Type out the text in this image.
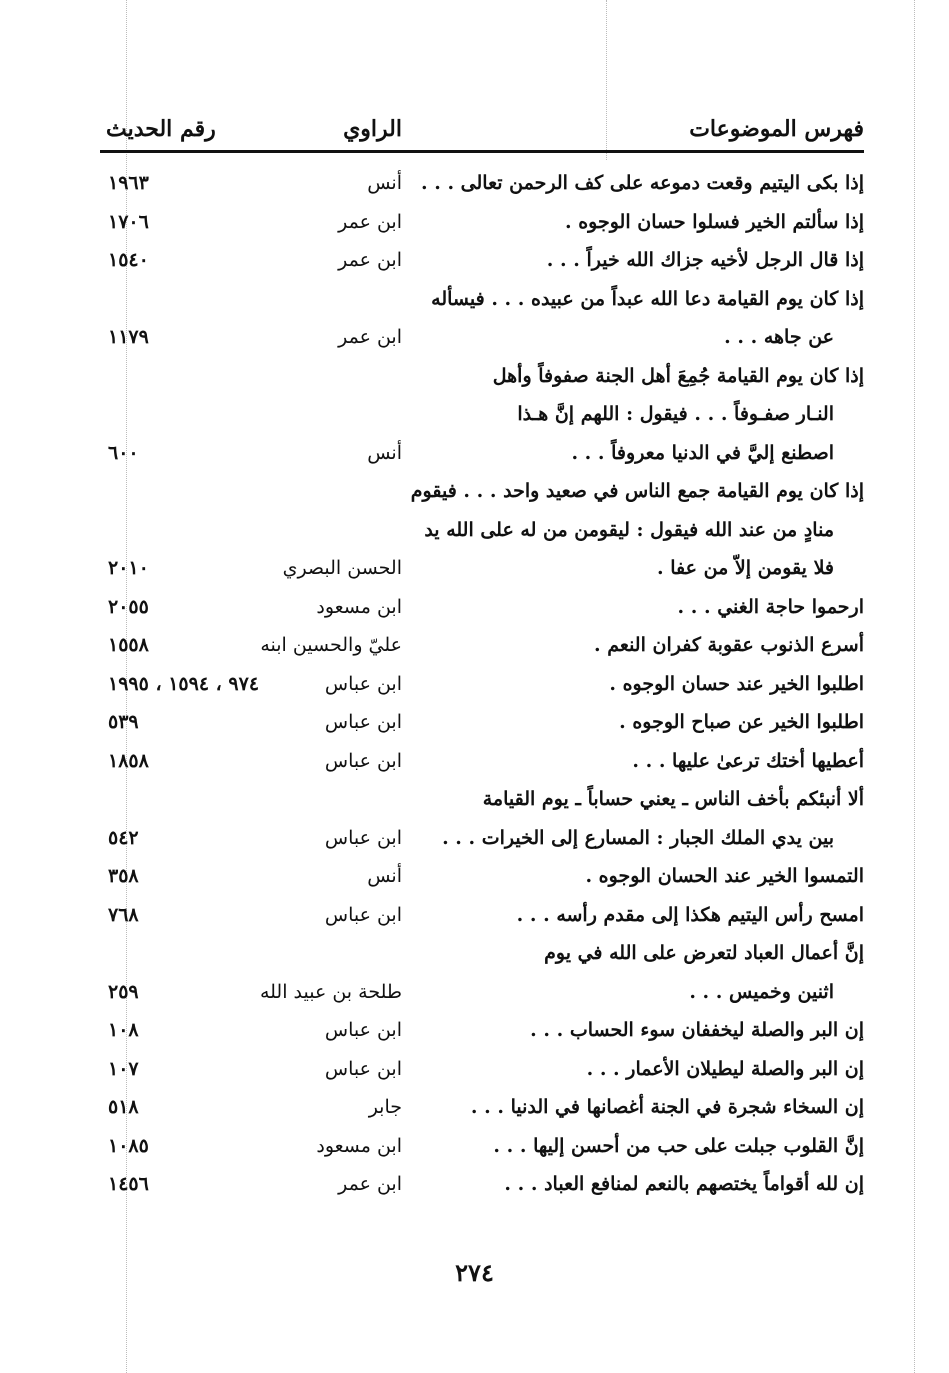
فهرس الموضوعات
الراوي
رقم الحديث
إذا بكى اليتيم وقعت دموعه على كف الرحمن تعالى . . .
أنس
١٩٦٣
إذا سألتم الخير فسلوا حسان الوجوه .
ابن عمر
١٧٠٦
إذا قال الرجل لأخيه جزاك الله خيراً . . .
ابن عمر
١٥٤٠
إذا كان يوم القيامة دعا الله عبداً من عبيده . . . فيسأله
عن جاهه . . .
ابن عمر
١١٧٩
إذا كان يوم القيامة جُمِعَ أهل الجنة صفوفاً وأهل
النـار صفـوفاً . . . فيقول : اللهم إنَّ هـذا
اصطنع إليَّ في الدنيا معروفاً . . .
أنس
٦٠٠
إذا كان يوم القيامة جمع الناس في صعيد واحد . . . فيقوم
منادٍ من عند الله فيقول : ليقومن من له على الله يد
فلا يقومن إلاّ من عفا .
الحسن البصري
٢٠١٠
ارحموا حاجة الغني . . .
ابن مسعود
٢٠٥٥
أسرع الذنوب عقوبة كفران النعم .
عليّ والحسين ابنه
١٥٥٨
اطلبوا الخير عند حسان الوجوه .
ابن عباس
٩٧٤ ، ١٥٩٤ ، ١٩٩٥
اطلبوا الخير عن صباح الوجوه .
ابن عباس
٥٣٩
أعطيها أختك ترعىٰ عليها . . .
ابن عباس
١٨٥٨
ألا أنبئكم بأخف الناس ـ يعني حساباً ـ يوم القيامة
بين يدي الملك الجبار : المسارع إلى الخيرات . . .
ابن عباس
٥٤٢
التمسوا الخير عند الحسان الوجوه .
أنس
٣٥٨
امسح رأس اليتيم هكذا إلى مقدم رأسه . . .
ابن عباس
٧٦٨
إنَّ أعمال العباد لتعرض على الله في يوم
اثنين وخميس . . .
طلحة بن عبيد الله
٢٥٩
إن البر والصلة ليخففان سوء الحساب . . .
ابن عباس
١٠٨
إن البر والصلة ليطيلان الأعمار . . .
ابن عباس
١٠٧
إن السخاء شجرة في الجنة أغصانها في الدنيا . . .
جابر
٥١٨
إنَّ القلوب جبلت على حب من أحسن إليها . . .
ابن مسعود
١٠٨٥
إن لله أقواماً يختصهم بالنعم لمنافع العباد . . .
ابن عمر
١٤٥٦
٢٧٤
